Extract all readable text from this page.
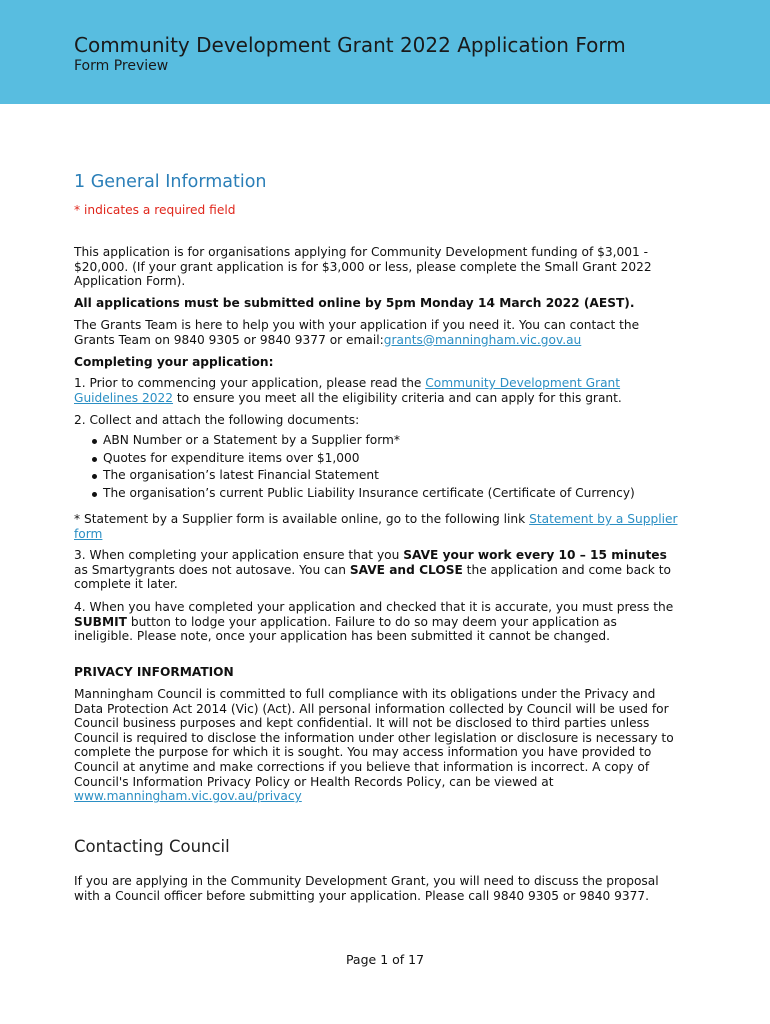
Community Development Grant 2022 Application Form
Form Preview
1 General Information
* indicates a required field
This application is for organisations applying for Community Development funding of $3,001 - $20,000. (If your grant application is for $3,000 or less, please complete the Small Grant 2022 Application Form).
All applications must be submitted online by 5pm Monday 14 March 2022 (AEST).
The Grants Team is here to help you with your application if you need it. You can contact the Grants Team on 9840 9305 or 9840 9377 or email:grants@manningham.vic.gov.au
Completing your application:
1. Prior to commencing your application, please read the Community Development Grant Guidelines 2022 to ensure you meet all the eligibility criteria and can apply for this grant.
2. Collect and attach the following documents:
ABN Number or a Statement by a Supplier form*
Quotes for expenditure items over $1,000
The organisation’s latest Financial Statement
The organisation’s current Public Liability Insurance certificate (Certificate of Currency)
* Statement by a Supplier form is available online, go to the following link Statement by a Supplier form
3. When completing your application ensure that you SAVE your work every 10 – 15 minutes as Smartygrants does not autosave. You can SAVE and CLOSE the application and come back to complete it later.
4. When you have completed your application and checked that it is accurate, you must press the SUBMIT button to lodge your application. Failure to do so may deem your application as ineligible. Please note, once your application has been submitted it cannot be changed.
PRIVACY INFORMATION
Manningham Council is committed to full compliance with its obligations under the Privacy and Data Protection Act 2014 (Vic) (Act). All personal information collected by Council will be used for Council business purposes and kept confidential. It will not be disclosed to third parties unless Council is required to disclose the information under other legislation or disclosure is necessary to complete the purpose for which it is sought. You may access information you have provided to Council at anytime and make corrections if you believe that information is incorrect. A copy of Council's Information Privacy Policy or Health Records Policy, can be viewed at www.manningham.vic.gov.au/privacy
Contacting Council
If you are applying in the Community Development Grant, you will need to discuss the proposal with a Council officer before submitting your application. Please call 9840 9305 or 9840 9377.
Page 1 of 17
